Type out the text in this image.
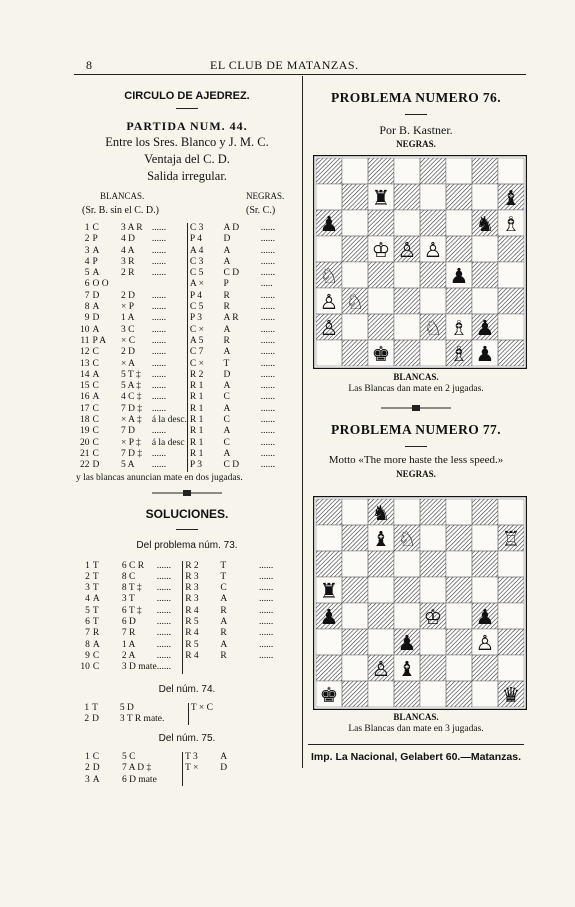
8	EL CLUB DE MATANZAS.
CIRCULO DE AJEDREZ.
PARTIDA NUM. 44.
Entre los Sres. Blanco y J. M. C.
Ventaja del C. D.
Salida irregular.
BLANCAS.	NEGRAS.
(Sr. B. sin el C. D.)	(Sr. C.)
1	C	3 A R	......	C 3	A D	......
2	P	4 D	......	P 4	D	......
3	A	4 A	......	A 4	A	......
4	P	3 R	......	C 3	A	......
5	A	2 R	......	C 5	C D	......
6	O O			A ×	P	.....
7	D	2 D	......	P 4	R	......
8	A	× P	......	C 5	R	......
9	D	1 A	......	P 3	A R	......
10	A	3 C	......	C ×	A	......
11	P A	× C	......	A 5	R	......
12	C	2 D	......	C 7	A	......
13	C	× A	......	C ×	T	......
14	A	5 T ‡	......	R 2	D	......
15	C	5 A ‡	......	R 1	A	......
16	A	4 C ‡	......	R 1	C	......
17	C	7 D ‡	......	R 1	A	......
18	C	× A ‡	á la desc.	R 1	C	......
19	C	7 D	......	R 1	A	......
20	C	× P ‡	á la desc	R 1	C	......
21	C	7 D ‡	......	R 1	A	......
22	D	5 A	......	P 3	C D	......
y las blancas anuncian mate en dos jugadas.
SOLUCIONES.
Del problema núm. 73.
1	T	6 C R	......	R 2	T	......
2	T	8 C	......	R 3	T	......
3	T	8 T ‡	......	R 3	C	......
4	A	3 T	......	R 3	A	......
5	T	6 T ‡	......	R 4	R	......
6	T	6 D	......	R 5	A	......
7	R	7 R	......	R 4	R	......
8	A	1 A	......	R 5	A	......
9	C	2 A	......	R 4	R	......
10	C	3 D mate	......			
Del núm. 74.
1	T	5 D		T × C		
2	D	3 T R mate.				
Del núm. 75.
1	C	5 C		T 3	A	
2	D	7 A D ‡		T ×	D	
3	A	6 D mate				
PROBLEMA NUMERO 76.
Por B. Kastner.
NEGRAS.
♜	♝
♟	♞ ♗
♔ ♙ ♙
♘	♟
♘
♙
♙	♘ ♟
♗ ♟
♚
♗
BLANCAS.
Las Blancas dan mate en 2 jugadas.
PROBLEMA NUMERO 77.
Motto «The more haste the less speed.»
NEGRAS.
♞
♝ ♘	♖
♜
♟	♔ ♟
♟	♙
♙ ♝
♛
♚
BLANCAS.
Las Blancas dan mate en 3 jugadas.
Imp. La Nacional, Gelabert 60.—Matanzas.
